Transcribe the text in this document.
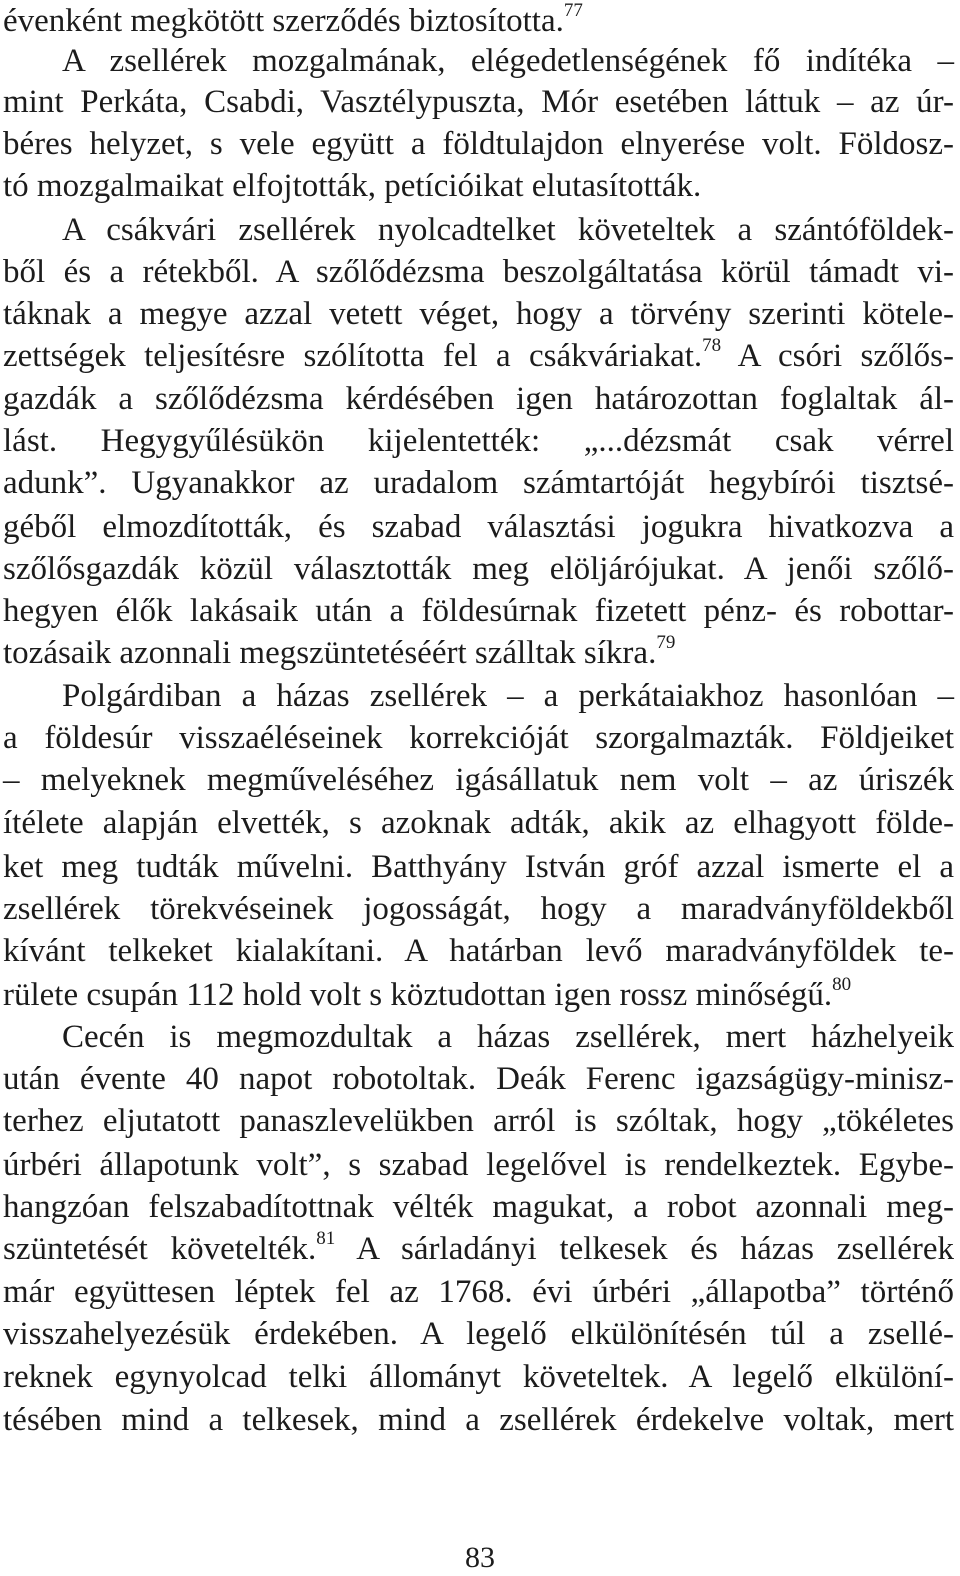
évenként megkötött szerződés biztosította.$^{77}$
A zsellérek mozgalmának, elégedetlenségének fő indítéka –
mint Perkáta, Csabdi, Vasztélypuszta, Mór esetében láttuk – az úr-
béres helyzet, s vele együtt a földtulajdon elnyerése volt. Földosz-
tó mozgalmaikat elfojtották, petícióikat elutasították.
A csákvári zsellérek nyolcadtelket követeltek a szántóföldek-
ből és a rétekből. A szőlődézsma beszolgáltatása körül támadt vi-
táknak a megye azzal vetett véget, hogy a törvény szerinti kötele-
zettségek teljesítésre szólította fel a csákváriakat.$^{78}$ A csóri szőlős-
gazdák a szőlődézsma kérdésében igen határozottan foglaltak ál-
lást. Hegygyűlésükön kijelentették: „...dézsmát csak vérrel
adunk”. Ugyanakkor az uradalom számtartóját hegybírói tisztsé-
géből elmozdították, és szabad választási jogukra hivatkozva a
szőlősgazdák közül választották meg elöljárójukat. A jenői szőlő-
hegyen élők lakásaik után a földesúrnak fizetett pénz- és robottar-
tozásaik azonnali megszüntetéséért szálltak síkra.$^{79}$
Polgárdiban a házas zsellérek – a perkátaiakhoz hasonlóan –
a földesúr visszaéléseinek korrekcióját szorgalmazták. Földjeiket
– melyeknek megműveléséhez igásállatuk nem volt – az úriszék
ítélete alapján elvették, s azoknak adták, akik az elhagyott földe-
ket meg tudták művelni. Batthyány István gróf azzal ismerte el a
zsellérek törekvéseinek jogosságát, hogy a maradványföldekből
kívánt telkeket kialakítani. A határban levő maradványföldek te-
rülete csupán 112 hold volt s köztudottan igen rossz minőségű.$^{80}$
Cecén is megmozdultak a házas zsellérek, mert házhelyeik
után évente 40 napot robotoltak. Deák Ferenc igazságügy-minisz-
terhez eljutatott panaszlevelükben arról is szóltak, hogy „tökéletes
úrbéri állapotunk volt”, s szabad legelővel is rendelkeztek. Egybe-
hangzóan felszabadítottnak vélték magukat, a robot azonnali meg-
szüntetését követelték.$^{81}$ A sárladányi telkesek és házas zsellérek
már együttesen léptek fel az 1768. évi úrbéri „állapotba” történő
visszahelyezésük érdekében. A legelő elkülönítésén túl a zsellé-
reknek egynyolcad telki állományt követeltek. A legelő elkülöní-
tésében mind a telkesek, mind a zsellérek érdekelve voltak, mert
83
